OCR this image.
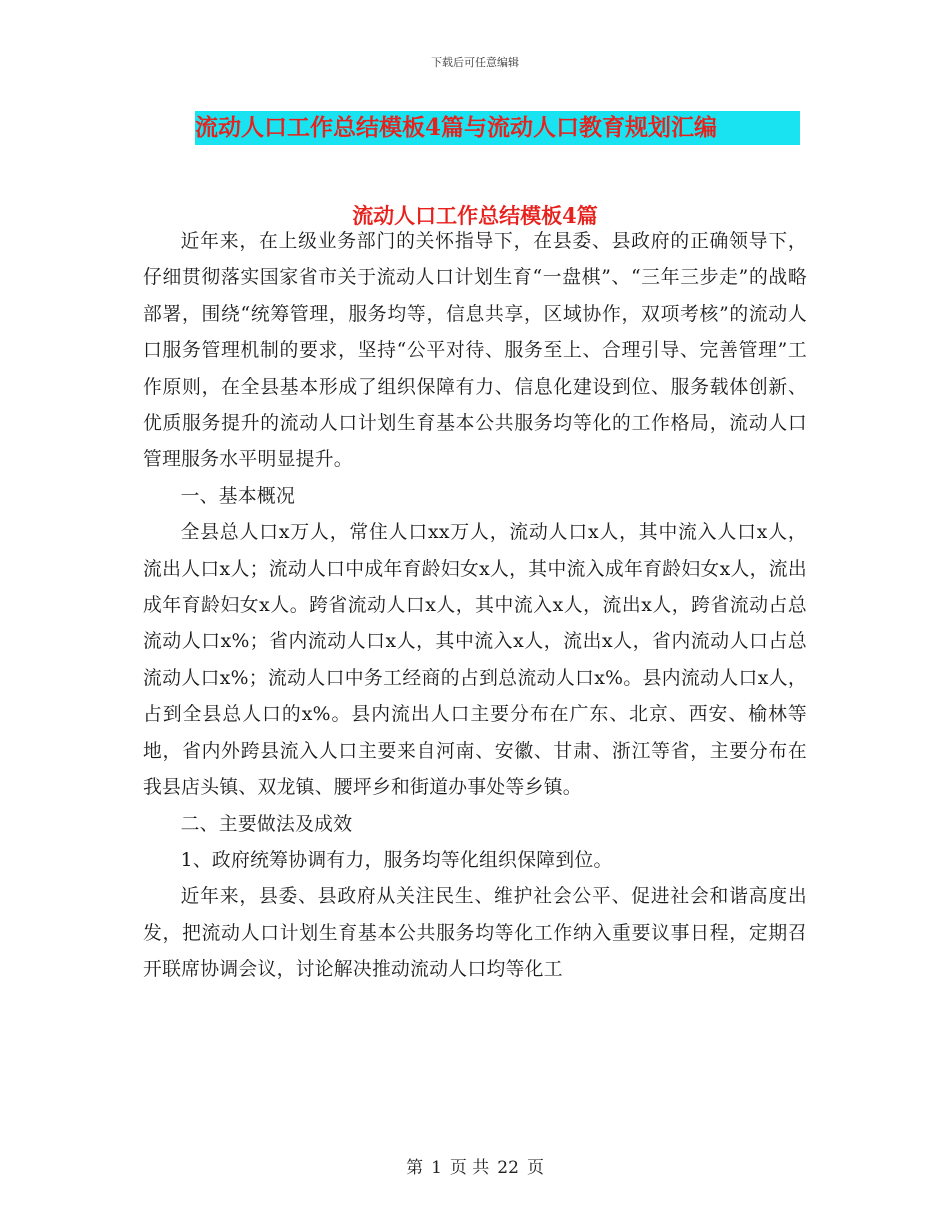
下载后可任意编辑
流动人口工作总结模板4篇与流动人口教育规划汇编
流动人口工作总结模板4篇

近年来，在上级业务部门的关怀指导下，在县委、县政府的正确领导下，仔细贯彻落实国家省市关于流动人口计划生育“一盘棋”、“三年三步走”的战略部署，围绕“统筹管理，服务均等，信息共享，区域协作，双项考核”的流动人口服务管理机制的要求，坚持“公平对待、服务至上、合理引导、完善管理”工作原则，在全县基本形成了组织保障有力、信息化建设到位、服务载体创新、优质服务提升的流动人口计划生育基本公共服务均等化的工作格局，流动人口管理服务水平明显提升。

一、基本概况

全县总人口x万人，常住人口xx万人，流动人口x人，其中流入人口x人，流出人口x人；流动人口中成年育龄妇女x人，其中流入成年育龄妇女x人，流出成年育龄妇女x人。跨省流动人口x人，其中流入x人，流出x人，跨省流动占总流动人口x%；省内流动人口x人，其中流入x人，流出x人，省内流动人口占总流动人口x%；流动人口中务工经商的占到总流动人口x%。县内流动人口x人，占到全县总人口的x%。县内流出人口主要分布在广东、北京、西安、榆林等地，省内外跨县流入人口主要来自河南、安徽、甘肃、浙江等省，主要分布在我县店头镇、双龙镇、腰坪乡和街道办事处等乡镇。

二、主要做法及成效

1、政府统筹协调有力，服务均等化组织保障到位。

近年来，县委、县政府从关注民生、维护社会公平、促进社会和谐高度出发，把流动人口计划生育基本公共服务均等化工作纳入重要议事日程，定期召开联席协调会议，讨论解决推动流动人口均等化工

第 1 页 共 22 页
